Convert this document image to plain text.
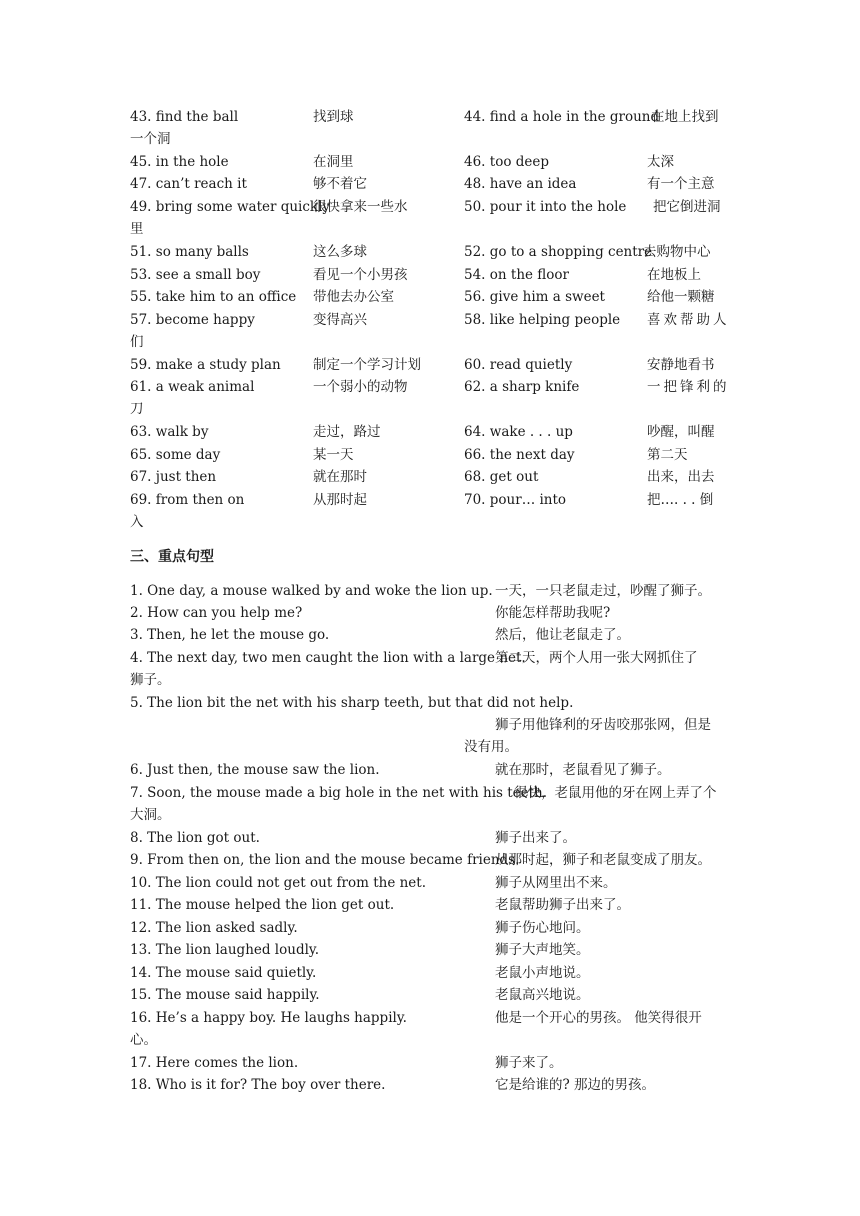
43. find the ball	找到球	44. find a hole in the ground
在地上找到
一个洞
45. in the hole	在洞里	46. too deep	太深
47. can’t reach it	够不着它	48. have an idea	有一个主意
49. bring some water quickly
很快拿来一些水	50. pour it into the hole 把它倒进洞
里
51. so many balls	这么多球	52. go to a shopping centre
去购物中心
53. see a small boy	看见一个小男孩	54. on the floor	在地板上
55. take him to an office 带他去办公室	56. give him a sweet	给他一颗糖
57. become happy	变得高兴	58. like helping people 喜欢帮助人
们
59. make a study plan 制定一个学习计划	60. read quietly	安静地看书
61. a weak animal	一个弱小的动物	62. a sharp knife	一把锋利的
刀
63. walk by	走过，路过	64. wake . . . up	吵醒，叫醒
65. some day	某一天	66. the next day	第二天
67. just then	就在那时	68. get out	出来，出去
69. from then on	从那时起	70. pour… into	把…. . . 倒
入
三、重点句型
1. One day, a mouse walked by and woke the lion up. 一天，一只老鼠走过，吵醒了狮子。
2. How can you help me?	你能怎样帮助我呢?
3. Then, he let the mouse go.	然后，他让老鼠走了。
4. The next day, two men caught the lion with a large net.
第二天，两个人用一张大网抓住了
狮子。
5. The lion bit the net with his sharp teeth, but that did not help.
狮子用他锋利的牙齿咬那张网，但是
没有用。
6. Just then, the mouse saw the lion.	就在那时，老鼠看见了狮子。
7. Soon, the mouse made a big hole in the net with his teeth.
很快，老鼠用他的牙在网上弄了个
大洞。
8. The lion got out.	狮子出来了。
9. From then on, the lion and the mouse became friends.
从那时起，狮子和老鼠变成了朋友。
10. The lion could not get out from the net.	狮子从网里出不来。
11. The mouse helped the lion get out.	老鼠帮助狮子出来了。
12. The lion asked sadly.	狮子伤心地问。
13. The lion laughed loudly.	狮子大声地笑。
14. The mouse said quietly.	老鼠小声地说。
15. The mouse said happily.	老鼠高兴地说。
16. He’s a happy boy. He laughs happily.	他是一个开心的男孩。 他笑得很开
心。
17. Here comes the lion.	狮子来了。
18. Who is it for? The boy over there.	它是给谁的? 那边的男孩。
